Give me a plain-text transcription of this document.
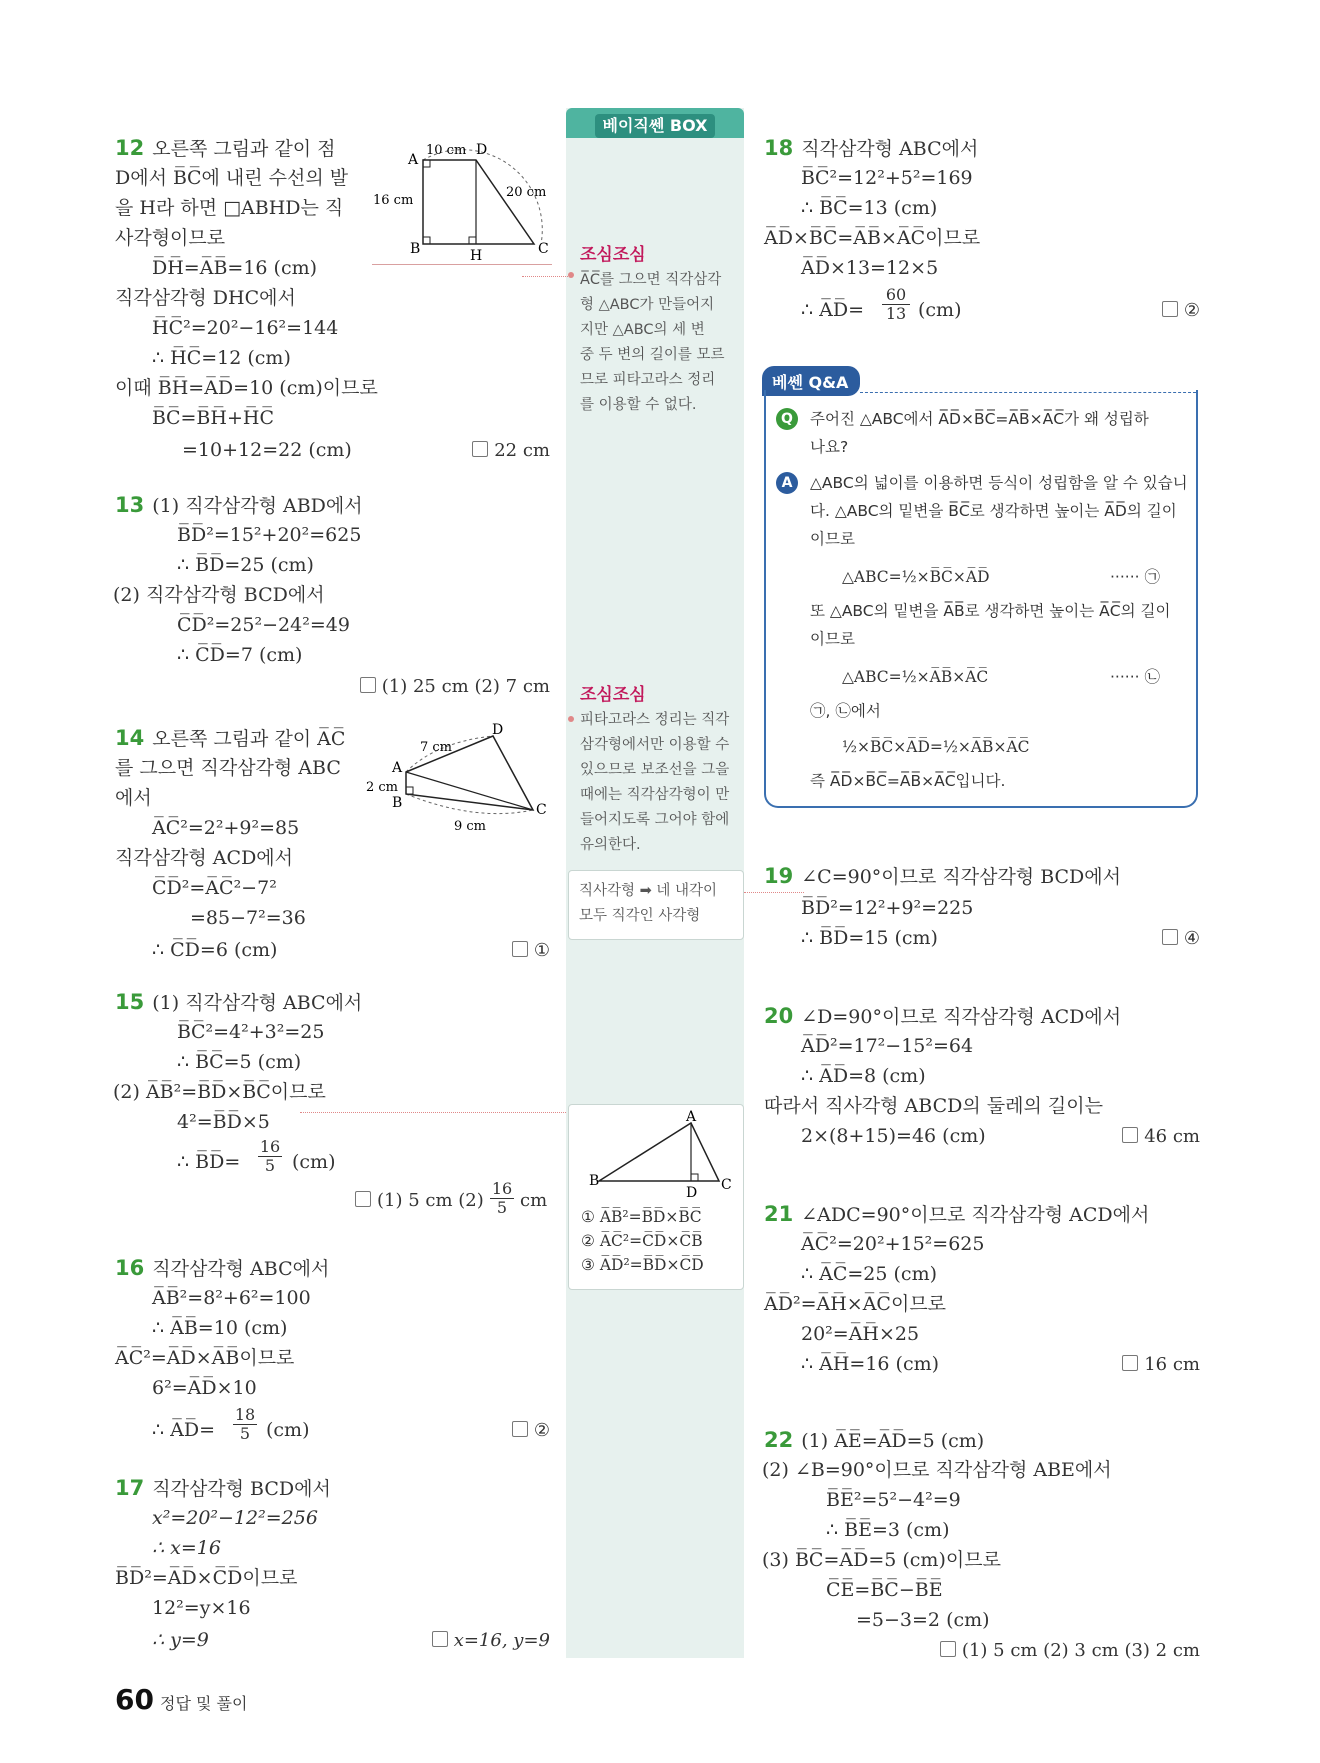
12 오른쪽 그림과 같이 점
D에서 B̅C̅에 내린 수선의 발
을 H라 하면 □ABHD는 직
사각형이므로
D̅H̅=A̅B̅=16 (cm)
직각삼각형 DHC에서
H̅C̅²=20²−16²=144
∴ H̅C̅=12 (cm)
이때 B̅H̅=A̅D̅=10 (cm)이므로
B̅C̅=B̅H̅+H̅C̅
=10+12=22 (cm)	22 cm
A
D
B	C
H
10 cm
16 cm
20 cm
13 (1) 직각삼각형 ABD에서
B̅D̅²=15²+20²=625
∴ B̅D̅=25 (cm)
(2) 직각삼각형 BCD에서
C̅D̅²=25²−24²=49
∴ C̅D̅=7 (cm)
(1) 25 cm (2) 7 cm
14 오른쪽 그림과 같이 A̅C̅
를 그으면 직각삼각형 ABC
에서
A̅C̅²=2²+9²=85
직각삼각형 ACD에서
C̅D̅²=A̅C̅²−7²
=85−7²=36
∴ C̅D̅=6 (cm)	①
A
D
B	C
7 cm
2 cm
9 cm
15 (1) 직각삼각형 ABC에서
B̅C̅²=4²+3²=25
∴ B̅C̅=5 (cm)
(2) A̅B̅²=B̅D̅×B̅C̅이므로
4²=B̅D̅×5
∴ B̅D̅=
16
5 (cm)
(1) 5 cm (2)
16
5 cm
16 직각삼각형 ABC에서
A̅B̅²=8²+6²=100
∴ A̅B̅=10 (cm)
A̅C̅²=A̅D̅×A̅B̅이므로
6²=A̅D̅×10
∴ A̅D̅=
18
5 (cm)	②
17 직각삼각형 BCD에서
x²=20²−12²=256
∴ x=16
B̅D̅²=A̅D̅×C̅D̅이므로
12²=y×16
∴ y=9	x=16, y=9
베이직쎈 BOX
조심조심
A̅C̅를 그으면 직각삼각
형 △ABC가 만들어지
지만 △ABC의 세 변
중 두 변의 길이를 모르
므로 피타고라스 정리
를 이용할 수 없다.
조심조심
피타고라스 정리는 직각
삼각형에서만 이용할 수
있으므로 보조선을 그을
때에는 직각삼각형이 만
들어지도록 그어야 함에
유의한다.
직사각형 ➡ 네 내각이
모두 직각인 사각형
A
B	C
D
① A̅B̅²=B̅D̅×B̅C̅
② A̅C̅²=C̅D̅×C̅B̅
③ A̅D̅²=B̅D̅×C̅D̅
18 직각삼각형 ABC에서
B̅C̅²=12²+5²=169
∴ B̅C̅=13 (cm)
A̅D̅×B̅C̅=A̅B̅×A̅C̅이므로
A̅D̅×13=12×5
∴ A̅D̅=
60
13 (cm)	②
베쎈 Q&A
Q	주어진 △ABC에서 A̅D̅×B̅C̅=A̅B̅×A̅C̅가 왜 성립하
나요?
A	△ABC의 넓이를 이용하면 등식이 성립함을 알 수 있습니
다. △ABC의 밑변을 B̅C̅로 생각하면 높이는 A̅D̅의 길이
이므로
△ABC=½×B̅C̅×A̅D̅	······ ㉠
또 △ABC의 밑변을 A̅B̅로 생각하면 높이는 A̅C̅의 길이
이므로
△ABC=½×A̅B̅×A̅C̅	······ ㉡
㉠, ㉡에서
½×B̅C̅×A̅D̅=½×A̅B̅×A̅C̅
즉 A̅D̅×B̅C̅=A̅B̅×A̅C̅입니다.
19 ∠C=90°이므로 직각삼각형 BCD에서
B̅D̅²=12²+9²=225
∴ B̅D̅=15 (cm)	④
20 ∠D=90°이므로 직각삼각형 ACD에서
A̅D̅²=17²−15²=64
∴ A̅D̅=8 (cm)
따라서 직사각형 ABCD의 둘레의 길이는
2×(8+15)=46 (cm)	46 cm
21 ∠ADC=90°이므로 직각삼각형 ACD에서
A̅C̅²=20²+15²=625
∴ A̅C̅=25 (cm)
A̅D̅²=A̅H̅×A̅C̅이므로
20²=A̅H̅×25
∴ A̅H̅=16 (cm)	16 cm
22 (1) A̅E̅=A̅D̅=5 (cm)
(2) ∠B=90°이므로 직각삼각형 ABE에서
B̅E̅²=5²−4²=9
∴ B̅E̅=3 (cm)
(3) B̅C̅=A̅D̅=5 (cm)이므로
C̅E̅=B̅C̅−B̅E̅
=5−3=2 (cm)
(1) 5 cm (2) 3 cm (3) 2 cm
60 정답 및 풀이
